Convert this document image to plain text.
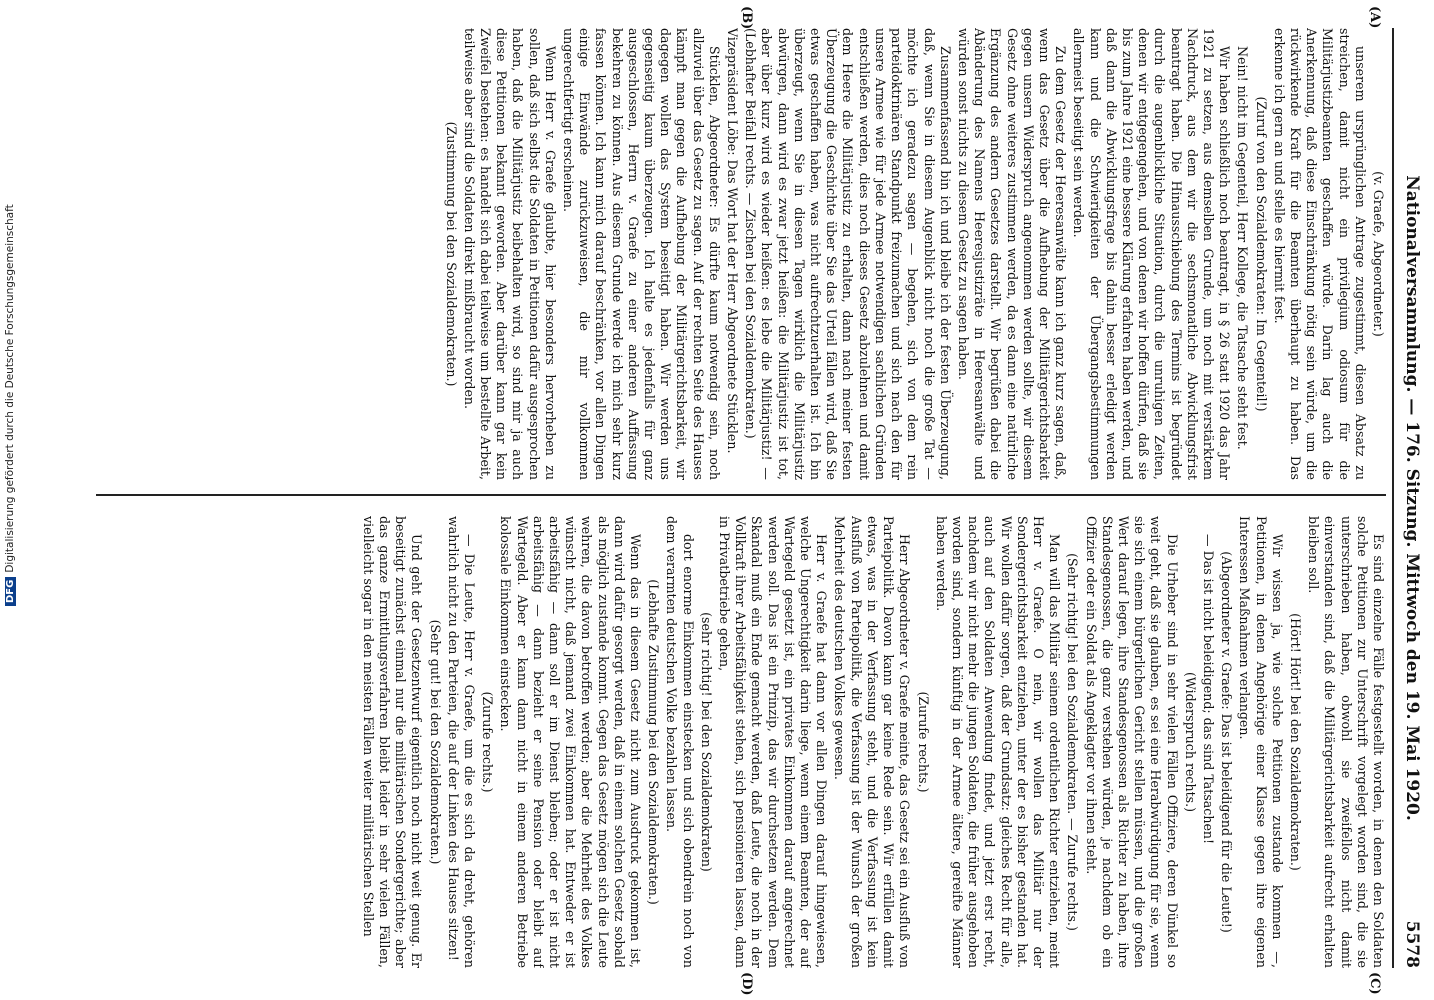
Nationalversammlung. — 176. Sitzung. Mittwoch den 19. Mai 1920.
5578
(A)
(B)
(C)
(D)

(v. Graefe, Abgeordneter.)

unserem ursprünglichen Antrage zugestimmt, diesen Absatz zu streichen, damit nicht ein privilegium odiosum für die Militärjustizbeamten geschaffen würde. Darin lag auch die Anerkennung, daß diese Einschränkung nötig sein würde, um die rückwirkende Kraft für die Beamten überhaupt zu haben. Das erkenne ich gern an und stelle es hiermit fest.

(Zuruf von den Sozialdemokraten: Im Gegenteil!)

Nein! nicht im Gegenteil, Herr Kollege, die Tatsache steht fest.

Wir haben schließlich noch beantragt, in § 26 statt 1920 das Jahr 1921 zu setzen, aus demselben Grunde, um noch mit verstärktem Nachdruck, aus dem wir die sechsmonatliche Abwicklungsfrist beantragt haben. Die Hinausschiebung des Termins ist begründet durch die augenblickliche Situation, durch die unruhigen Zeiten, denen wir entgegengehen, und von denen wir hoffen dürfen, daß sie bis zum Jahre 1921 eine bessere Klärung erfahren haben werden, und daß dann die Abwicklungsfrage bis dahin besser erledigt werden kann und die Schwierigkeiten der Übergangsbestimmungen allermeist beseitigt sein werden.

Zu dem Gesetz der Heeresanwälte kann ich ganz kurz sagen, daß, wenn das Gesetz über die Aufhebung der Militärgerichtsbarkeit gegen unsern Widerspruch angenommen werden sollte, wir diesem Gesetz ohne weiteres zustimmen werden, da es dann eine natürliche Ergänzung des andern Gesetzes darstellt. Wir begrüßen dabei die Abänderung des Namens Heeresjustizräte in Heeresanwälte und würden sonst nichts zu diesem Gesetz zu sagen haben.

Zusammenfassend bin ich und bleibe ich der festen Überzeugung, daß, wenn Sie in diesem Augenblick nicht noch die große Tat — möchte ich geradezu sagen — begehen, sich von dem rein parteidoktrinären Standpunkt freizumachen und sich nach den für unsere Armee wie für jede Armee notwendigen sachlichen Gründen entschließen werden, dies noch dieses Gesetz abzulehnen und damit dem Heere die Militärjustiz zu erhalten, dann nach meiner festen Überzeugung die Geschichte über Sie das Urteil fällen wird, daß Sie etwas geschaffen haben, was nicht aufrechtzuerhalten ist. Ich bin überzeugt, wenn Sie in diesen Tagen wirklich die Militärjustiz abwürgen, dann wird es zwar jetzt heißen: die Militärjustiz ist tot, aber über kurz wird es wieder heißen: es lebe die Militärjustiz! — (Lebhafter Beifall rechts. — Zischen bei den Sozialdemokraten.)

Vizepräsident Löbe: Das Wort hat der Herr Abgeordnete Stücklen.

Stücklen, Abgeordneter: Es dürfte kaum notwendig sein, noch allzuviel über das Gesetz zu sagen. Auf der rechten Seite des Hauses kämpft man gegen die Aufhebung der Militärgerichtsbarkeit, wir dagegen wollen das System beseitigt haben. Wir werden uns gegenseitig kaum überzeugen. Ich halte es jedenfalls für ganz ausgeschlossen, Herrn v. Graefe zu einer anderen Auffassung bekehren zu können. Aus diesem Grunde werde ich mich sehr kurz fassen können. Ich kann mich darauf beschränken, vor allen Dingen einige Einwände zurückzuweisen, die mir vollkommen ungerechtfertigt erscheinen.

Wenn Herr v. Graefe glaubte, hier besonders hervorheben zu sollen, daß sich selbst die Soldaten in Petitionen dafür ausgesprochen haben, daß die Militärjustiz beibehalten wird, so sind mir ja auch diese Petitionen bekannt geworden. Aber darüber kann gar kein Zweifel bestehen: es handelt sich dabei teilweise um bestellte Arbeit, teilweise aber sind die Soldaten direkt mißbraucht worden.

(Zustimmung bei den Sozialdemokraten.)

Es sind einzelne Fälle festgestellt worden, in denen den Soldaten solche Petitionen zur Unterschrift vorgelegt worden sind, die sie unterschrieben haben, obwohl sie zweifellos nicht damit einverstanden sind, daß die Militärgerichtsbarkeit aufrecht erhalten bleiben soll.

(Hört! Hört! bei den Sozialdemokraten.)

Wir wissen ja, wie solche Petitionen zustande kommen —, Petitionen, in denen Angehörige einer Klasse gegen ihre eigenen Interessen Maßnahmen verlangen.

(Abgeordneter v. Graefe: Das ist beleidigend für die Leute!)

— Das ist nicht beleidigend; das sind Tatsachen!

(Widerspruch rechts.)

Die Urheber sind in sehr vielen Fällen Offiziere, deren Dünkel so weit geht, daß sie glauben, es sei eine Herabwürdigung für sie, wenn sie sich einem bürgerlichen Gericht stellen müssen, und die großen Wert darauf legen, ihre Standesgenossen als Richter zu haben, ihre Standesgenossen, die ganz verstehen würden, je nachdem ob ein Offizier oder ein Soldat als Angeklagter vor ihnen steht.

(Sehr richtig! bei den Sozialdemokraten. — Zurufe rechts.)

Man will das Militär seinem ordentlichen Richter entziehen, meint Herr v. Graefe. O nein, wir wollen das Militär nur der Sondergerichtsbarkeit entziehen, unter der es bisher gestanden hat. Wir wollen dafür sorgen, daß der Grundsatz: gleiches Recht für alle, auch auf den Soldaten Anwendung findet, und jetzt erst recht, nachdem wir nicht mehr die jungen Soldaten, die früher ausgehoben worden sind, sondern künftig in der Armee ältere, gereifte Männer haben werden.

(Zurufe rechts.)

Herr Abgeordneter v. Graefe meinte, das Gesetz sei ein Ausfluß von Parteipolitik. Davon kann gar keine Rede sein. Wir erfüllen damit etwas, was in der Verfassung steht, und die Verfassung ist kein Ausfluß von Parteipolitik, die Verfassung ist der Wunsch der großen Mehrheit des deutschen Volkes gewesen.

Herr v. Graefe hat dann vor allen Dingen darauf hingewiesen, welche Ungerechtigkeit darin liege, wenn einem Beamten, der auf Wartegeld gesetzt ist, ein privates Einkommen darauf angerechnet werden soll. Das ist ein Prinzip, das wir durchsetzen werden. Dem Skandal muß ein Ende gemacht werden, daß Leute, die noch in der Vollkraft ihrer Arbeitsfähigkeit stehen, sich pensionieren lassen, dann in Privatbetriebe gehen,

(sehr richtig! bei den Sozialdemokraten)

dort enorme Einkommen einstecken und sich obendrein noch von dem verarmten deutschen Volke bezahlen lassen.

(Lebhafte Zustimmung bei den Sozialdemokraten.)

Wenn das in diesem Gesetz nicht zum Ausdruck gekommen ist, dann wird dafür gesorgt werden, daß in einem solchen Gesetz sobald als möglich zustande kommt. Gegen das Gesetz mögen sich die Leute wehren, die davon betroffen werden; aber die Mehrheit des Volkes wünscht nicht, daß jemand zwei Einkommen hat. Entweder er ist arbeitsfähig — dann soll er im Dienst bleiben; oder er ist nicht arbeitsfähig — dann bezieht er seine Pension oder bleibt auf Wartegeld. Aber er kann dann nicht in einem anderen Betriebe kolossale Einkommen einstecken.

(Zurufe rechts.)

— Die Leute, Herr v. Graefe, um die es sich da dreht, gehören wahrlich nicht zu den Parteien, die auf der Linken des Hauses sitzen!

(Sehr gut! bei den Sozialdemokraten.)

Und geht der Gesetzentwurf eigentlich noch nicht weit genug. Er beseitigt zunächst einmal nur die militärischen Sondergerichte; aber das ganze Ermittlungsverfahren bleibt leider in sehr vielen Fällen, vielleicht sogar in den meisten Fällen weiter militärischen Stellen

DFGDigitalisierung gefördert durch die Deutsche Forschungsgemeinschaft
